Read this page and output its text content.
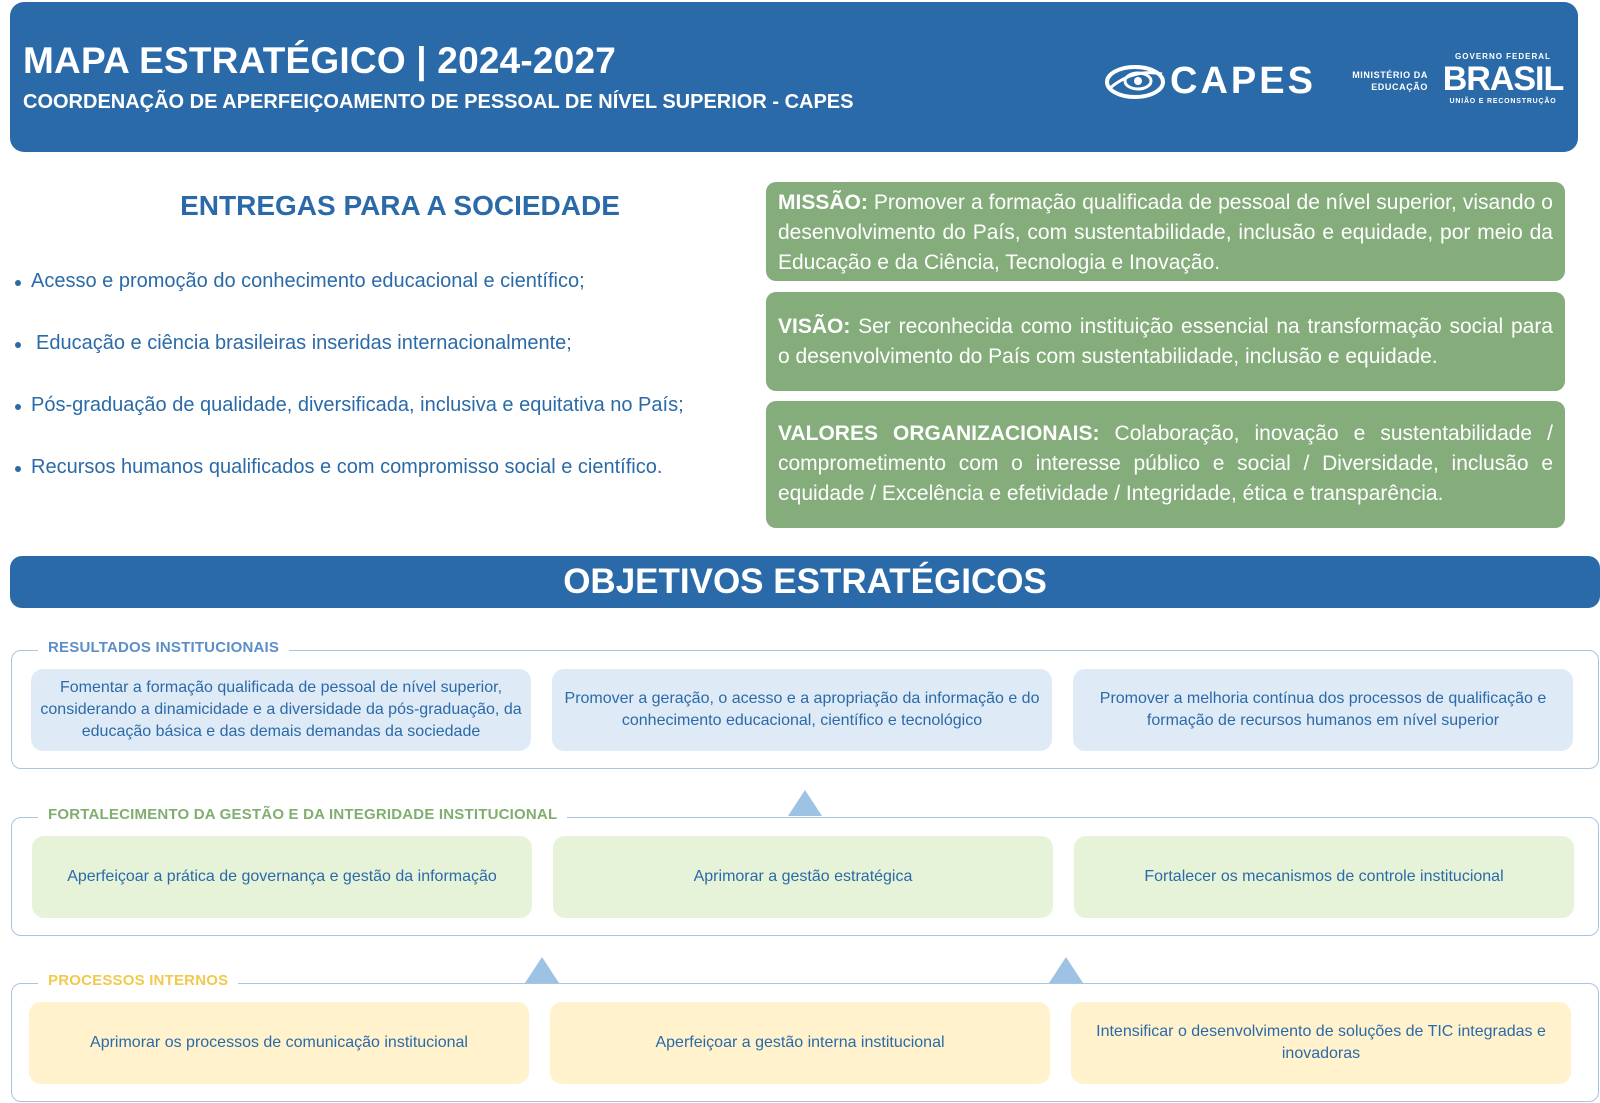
MAPA ESTRATÉGICO | 2024-2027
COORDENAÇÃO DE APERFEIÇOAMENTO DE PESSOAL DE NÍVEL SUPERIOR - CAPES	CAPES	MINISTÉRIO DA
EDUCAÇÃO
GOVERNO FEDERAL
BRASIL
UNIÃO E RECONSTRUÇÃO
ENTREGAS PARA A SOCIEDADE
Acesso e promoção do conhecimento educacional e científico;
Educação e ciência brasileiras inseridas internacionalmente;
Pós-graduação de qualidade, diversificada, inclusiva e equitativa no País;
Recursos humanos qualificados e com compromisso social e científico.
MISSÃO: Promover a formação qualificada de pessoal de nível superior, visando o desenvolvimento do País, com sustentabilidade, inclusão e equidade, por meio da Educação e da Ciência, Tecnologia e Inovação.
VISÃO: Ser reconhecida como instituição essencial na transformação social para o desenvolvimento do País com sustentabilidade, inclusão e equidade.
VALORES ORGANIZACIONAIS: Colaboração, inovação e sustentabilidade / comprometimento com o interesse público e social / Diversidade, inclusão e equidade / Excelência e efetividade / Integridade, ética e transparência.
OBJETIVOS ESTRATÉGICOS
RESULTADOS INSTITUCIONAIS
Fomentar a formação qualificada de pessoal de nível superior, considerando a dinamicidade e a diversidade da pós-graduação, da educação básica e das demais demandas da sociedade
Promover a geração, o acesso e a apropriação da informação e do conhecimento educacional, científico e tecnológico
Promover a melhoria contínua dos processos de qualificação e formação de recursos humanos em nível superior
FORTALECIMENTO DA GESTÃO E DA INTEGRIDADE INSTITUCIONAL
Aperfeiçoar a prática de governança e gestão da informação	Aprimorar a gestão estratégica	Fortalecer os mecanismos de controle institucional
PROCESSOS INTERNOS
Aprimorar os processos de comunicação institucional	Aperfeiçoar a gestão interna institucional
Intensificar o desenvolvimento de soluções de TIC integradas e inovadoras
